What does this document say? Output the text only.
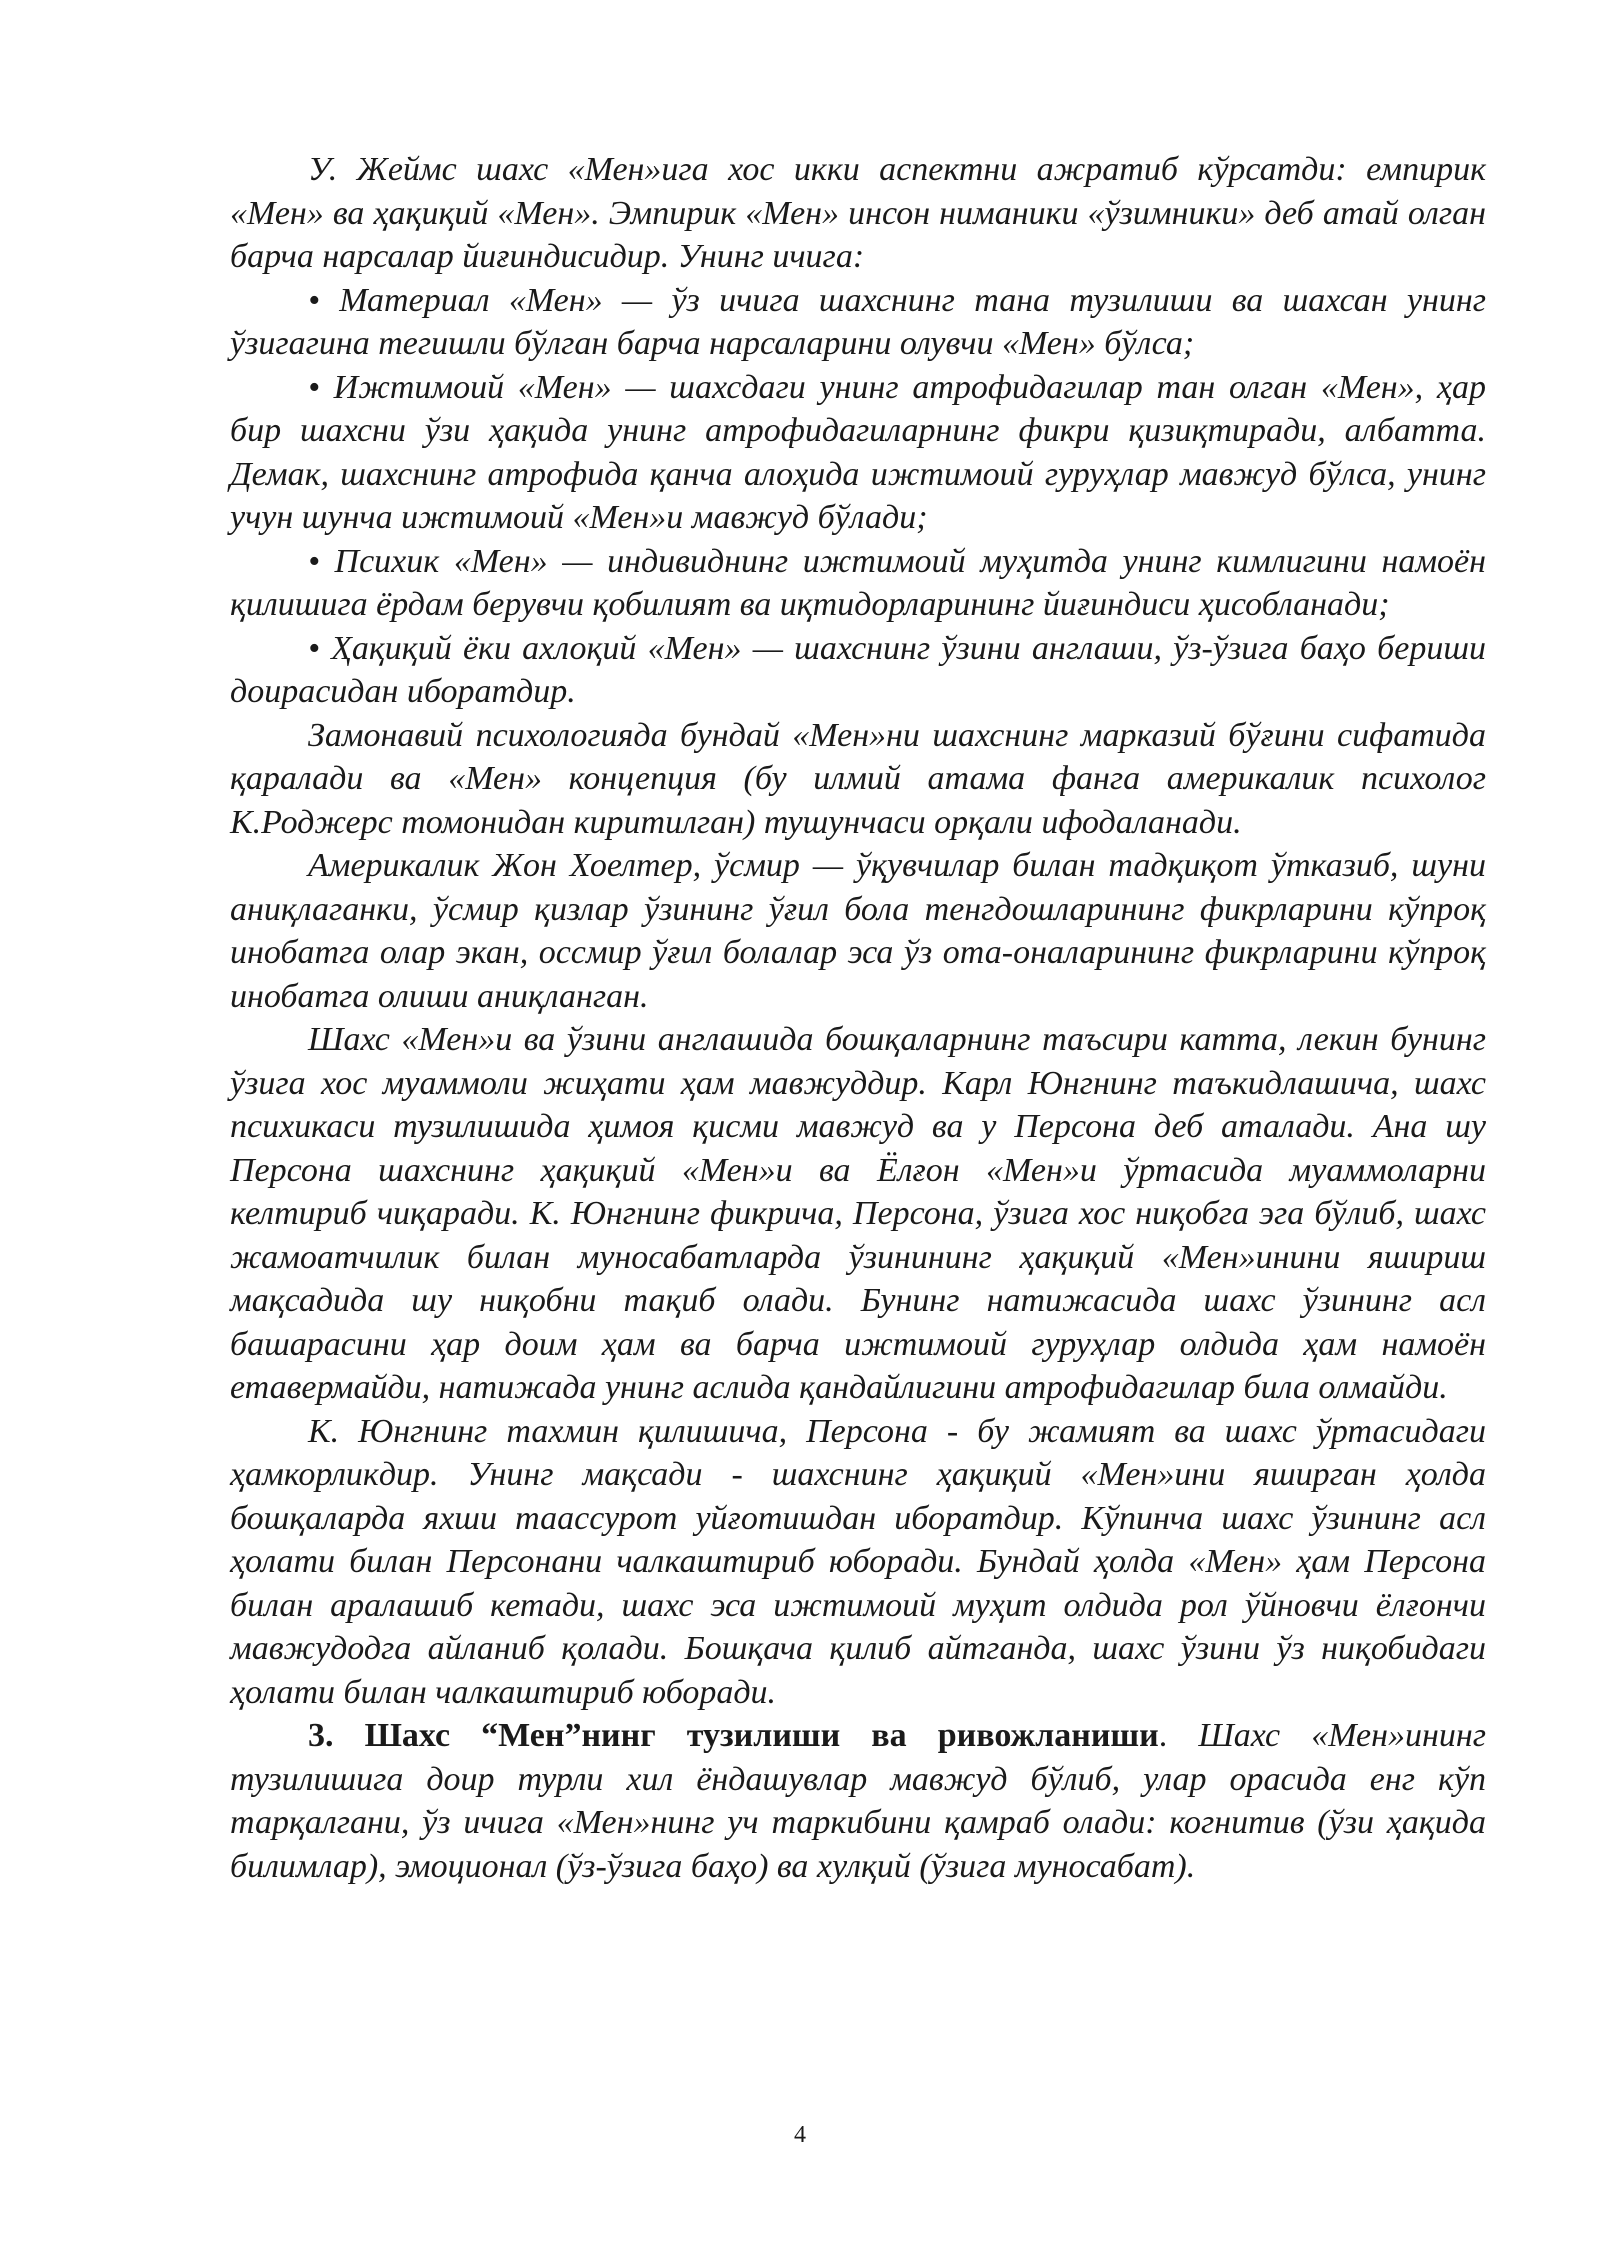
У. Жеймс шахс «Мен»ига хос икки аспектни ажратиб кўрсатди: емпирик «Мен» ва ҳақиқий «Мен». Эмпирик «Мен» инсон ниманики «ўзимники» деб атай олган барча нарсалар йиғиндисидир. Унинг ичига:

• Материал «Мен» — ўз ичига шахснинг тана тузилиши ва шахсан унинг ўзигагина тегишли бўлган барча нарсаларини олувчи «Мен» бўлса;

• Ижтимоий «Мен» — шахсдаги унинг атрофидагилар тан олган «Мен», ҳар бир шахсни ўзи ҳақида унинг атрофидагиларнинг фикри қизиқтиради, албатта. Демак, шахснинг атрофида қанча алоҳида ижтимоий гуруҳлар мавжуд бўлса, унинг учун шунча ижтимоий «Мен»и мавжуд бўлади;

• Психик «Мен» — индивиднинг ижтимоий муҳитда унинг кимлигини намоён қилишига ёрдам берувчи қобилият ва иқтидорларининг йиғиндиси ҳисобланади;

• Ҳақиқий ёки ахлоқий «Мен» — шахснинг ўзини англаши, ўз-ўзига баҳо бериши доирасидан иборатдир.

Замонавий психологияда бундай «Мен»ни шахснинг марказий бўғини сифатида қаралади ва «Мен» концепция (бу илмий атама фанга америкалик психолог К.Роджерс томонидан киритилган) тушунчаси орқали ифодаланади.

Америкалик Жон Хоелтер, ўсмир — ўқувчилар билан тадқиқот ўтказиб, шуни аниқлаганки, ўсмир қизлар ўзининг ўғил бола тенгдошларининг фикрларини кўпроқ инобатга олар экан, оссмир ўғил болалар эса ўз ота-оналарининг фикрларини кўпроқ инобатга олиши аниқланган.

Шахс «Мен»и ва ўзини англашида бошқаларнинг таъсири катта, лекин бунинг ўзига хос муаммоли жиҳати ҳам мавжуддир. Карл Юнгнинг таъкидлашича, шахс психикаси тузилишида ҳимоя қисми мавжуд ва у Персона деб аталади. Ана шу Персона шахснинг ҳақиқий «Мен»и ва Ёлғон «Мен»и ўртасида муаммоларни келтириб чиқаради. К. Юнгнинг фикрича, Персона, ўзига хос ниқобга эга бўлиб, шахс жамоатчилик билан муносабатларда ўзинининг ҳақиқий «Мен»инини яшириш мақсадида шу ниқобни тақиб олади. Бунинг натижасида шахс ўзининг асл башарасини ҳар доим ҳам ва барча ижтимоий гуруҳлар олдида ҳам намоён етавермайди, натижада унинг аслида қандайлигини атрофидагилар била олмайди.

К. Юнгнинг тахмин қилишича, Персона - бу жамият ва шахс ўртасидаги ҳамкорликдир. Унинг мақсади - шахснинг ҳақиқий «Мен»ини яширган ҳолда бошқаларда яхши таассурот уйғотишдан иборатдир. Кўпинча шахс ўзининг асл ҳолати билан Персонани чалкаштириб юборади. Бундай ҳолда «Мен» ҳам Персона билан аралашиб кетади, шахс эса ижтимоий муҳит олдида рол ўйновчи ёлғончи мавжудодга айланиб қолади. Бошқача қилиб айтганда, шахс ўзини ўз ниқобидаги ҳолати билан чалкаштириб юборади.

3. Шахс “Мен”нинг тузилиши ва ривожланиши. Шахс «Мен»ининг тузилишига доир турли хил ёндашувлар мавжуд бўлиб, улар орасида енг кўп тарқалгани, ўз ичига «Мен»нинг уч таркибини қамраб олади: когнитив (ўзи ҳақида билимлар), эмоционал (ўз-ўзига баҳо) ва хулқий (ўзига муносабат).

4
